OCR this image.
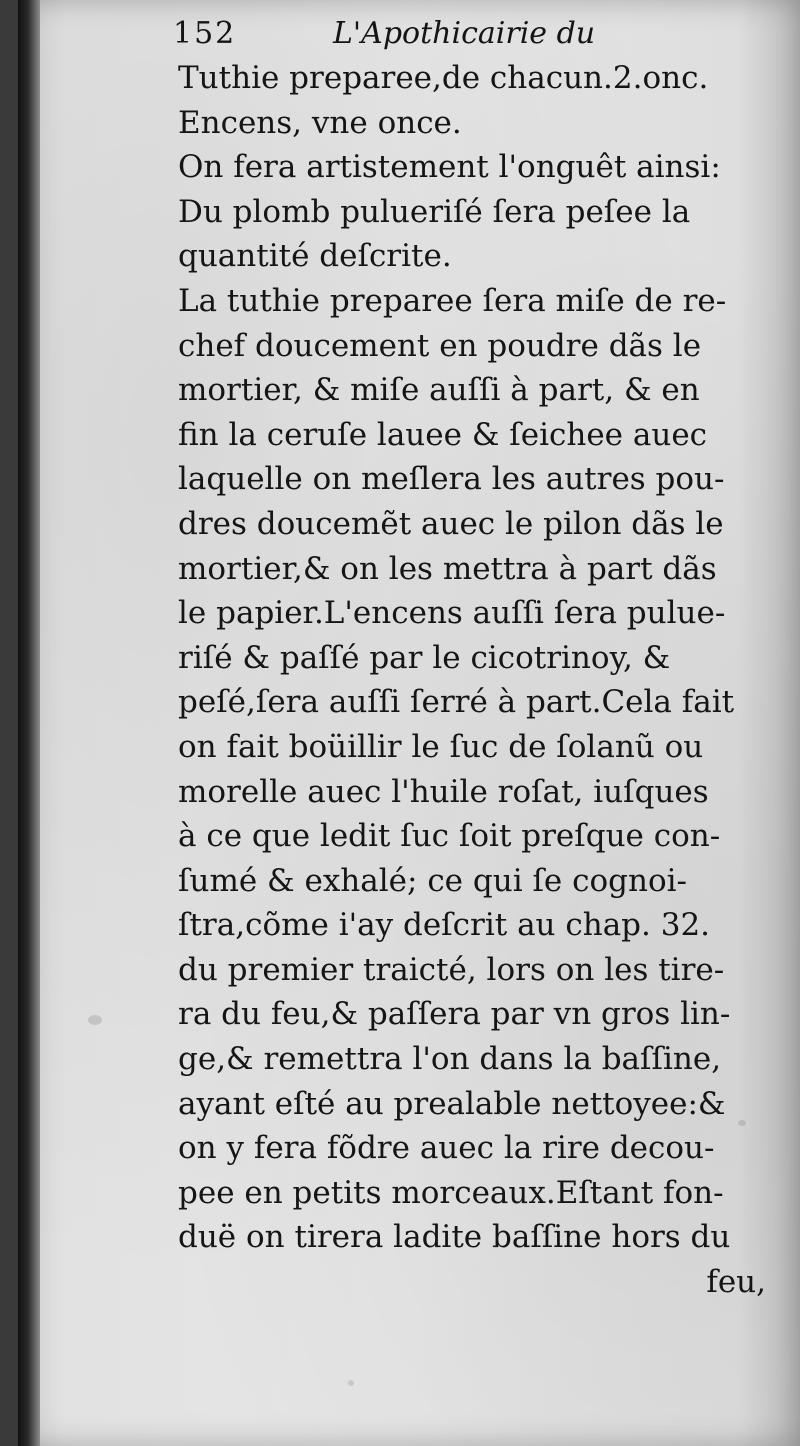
152	L'Apothicairie du
Tuthie preparee,de chacun.2.onc.
Encens, vne once.
On fera artistement l'onguêt ainsi:
Du plomb pulueriſé ſera peſee la
quantité deſcrite.
La tuthie preparee ſera miſe de re-
chef doucement en poudre dãs le
mortier, & miſe auſſi à part, & en
fin la ceruſe lauee & ſeichee auec
laquelle on meſlera les autres pou-
dres doucemẽt auec le pilon dãs le
mortier,& on les mettra à part dãs
le papier.L'encens auſſi ſera pulue-
riſé & paſſé par le cicotrinoy, &
peſé,ſera auſſi ſerré à part.Cela fait
on fait boüillir le ſuc de ſolanũ ou
morelle auec l'huile roſat, iuſques
à ce que ledit ſuc ſoit preſque con-
ſumé & exhalé; ce qui ſe cognoi-
ſtra,cõme i'ay deſcrit au chap. 32.
du premier traicté, lors on les tire-
ra du feu,& paſſera par vn gros lin-
ge,& remettra l'on dans la baſſine,
ayant eſté au prealable nettoyee:&
on y fera fõdre auec la rire decou-
pee en petits morceaux.Eſtant fon-
duë on tirera ladite baſſine hors du
feu,
